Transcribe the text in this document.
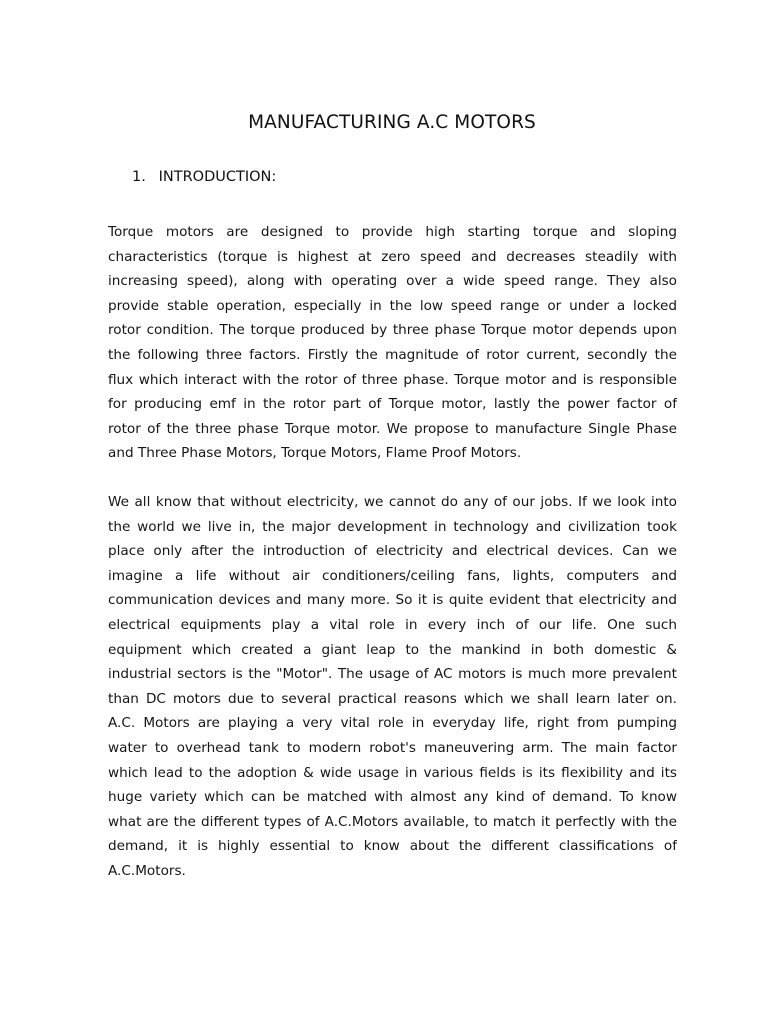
MANUFACTURING A.C MOTORS
1. INTRODUCTION:
Torque motors are designed to provide high starting torque and sloping
characteristics (torque is highest at zero speed and decreases steadily with
increasing speed), along with operating over a wide speed range. They also
provide stable operation, especially in the low speed range or under a locked
rotor condition. The torque produced by three phase Torque motor depends upon
the following three factors. Firstly the magnitude of rotor current, secondly the
flux which interact with the rotor of three phase. Torque motor and is responsible
for producing emf in the rotor part of Torque motor, lastly the power factor of
rotor of the three phase Torque motor. We propose to manufacture Single Phase
and Three Phase Motors, Torque Motors, Flame Proof Motors.
We all know that without electricity, we cannot do any of our jobs. If we look into
the world we live in, the major development in technology and civilization took
place only after the introduction of electricity and electrical devices. Can we
imagine a life without air conditioners/ceiling fans, lights, computers and
communication devices and many more. So it is quite evident that electricity and
electrical equipments play a vital role in every inch of our life. One such
equipment which created a giant leap to the mankind in both domestic &
industrial sectors is the "Motor". The usage of AC motors is much more prevalent
than DC motors due to several practical reasons which we shall learn later on.
A.C. Motors are playing a very vital role in everyday life, right from pumping
water to overhead tank to modern robot's maneuvering arm. The main factor
which lead to the adoption & wide usage in various fields is its flexibility and its
huge variety which can be matched with almost any kind of demand. To know
what are the different types of A.C.Motors available, to match it perfectly with the
demand, it is highly essential to know about the different classifications of
A.C.Motors.
